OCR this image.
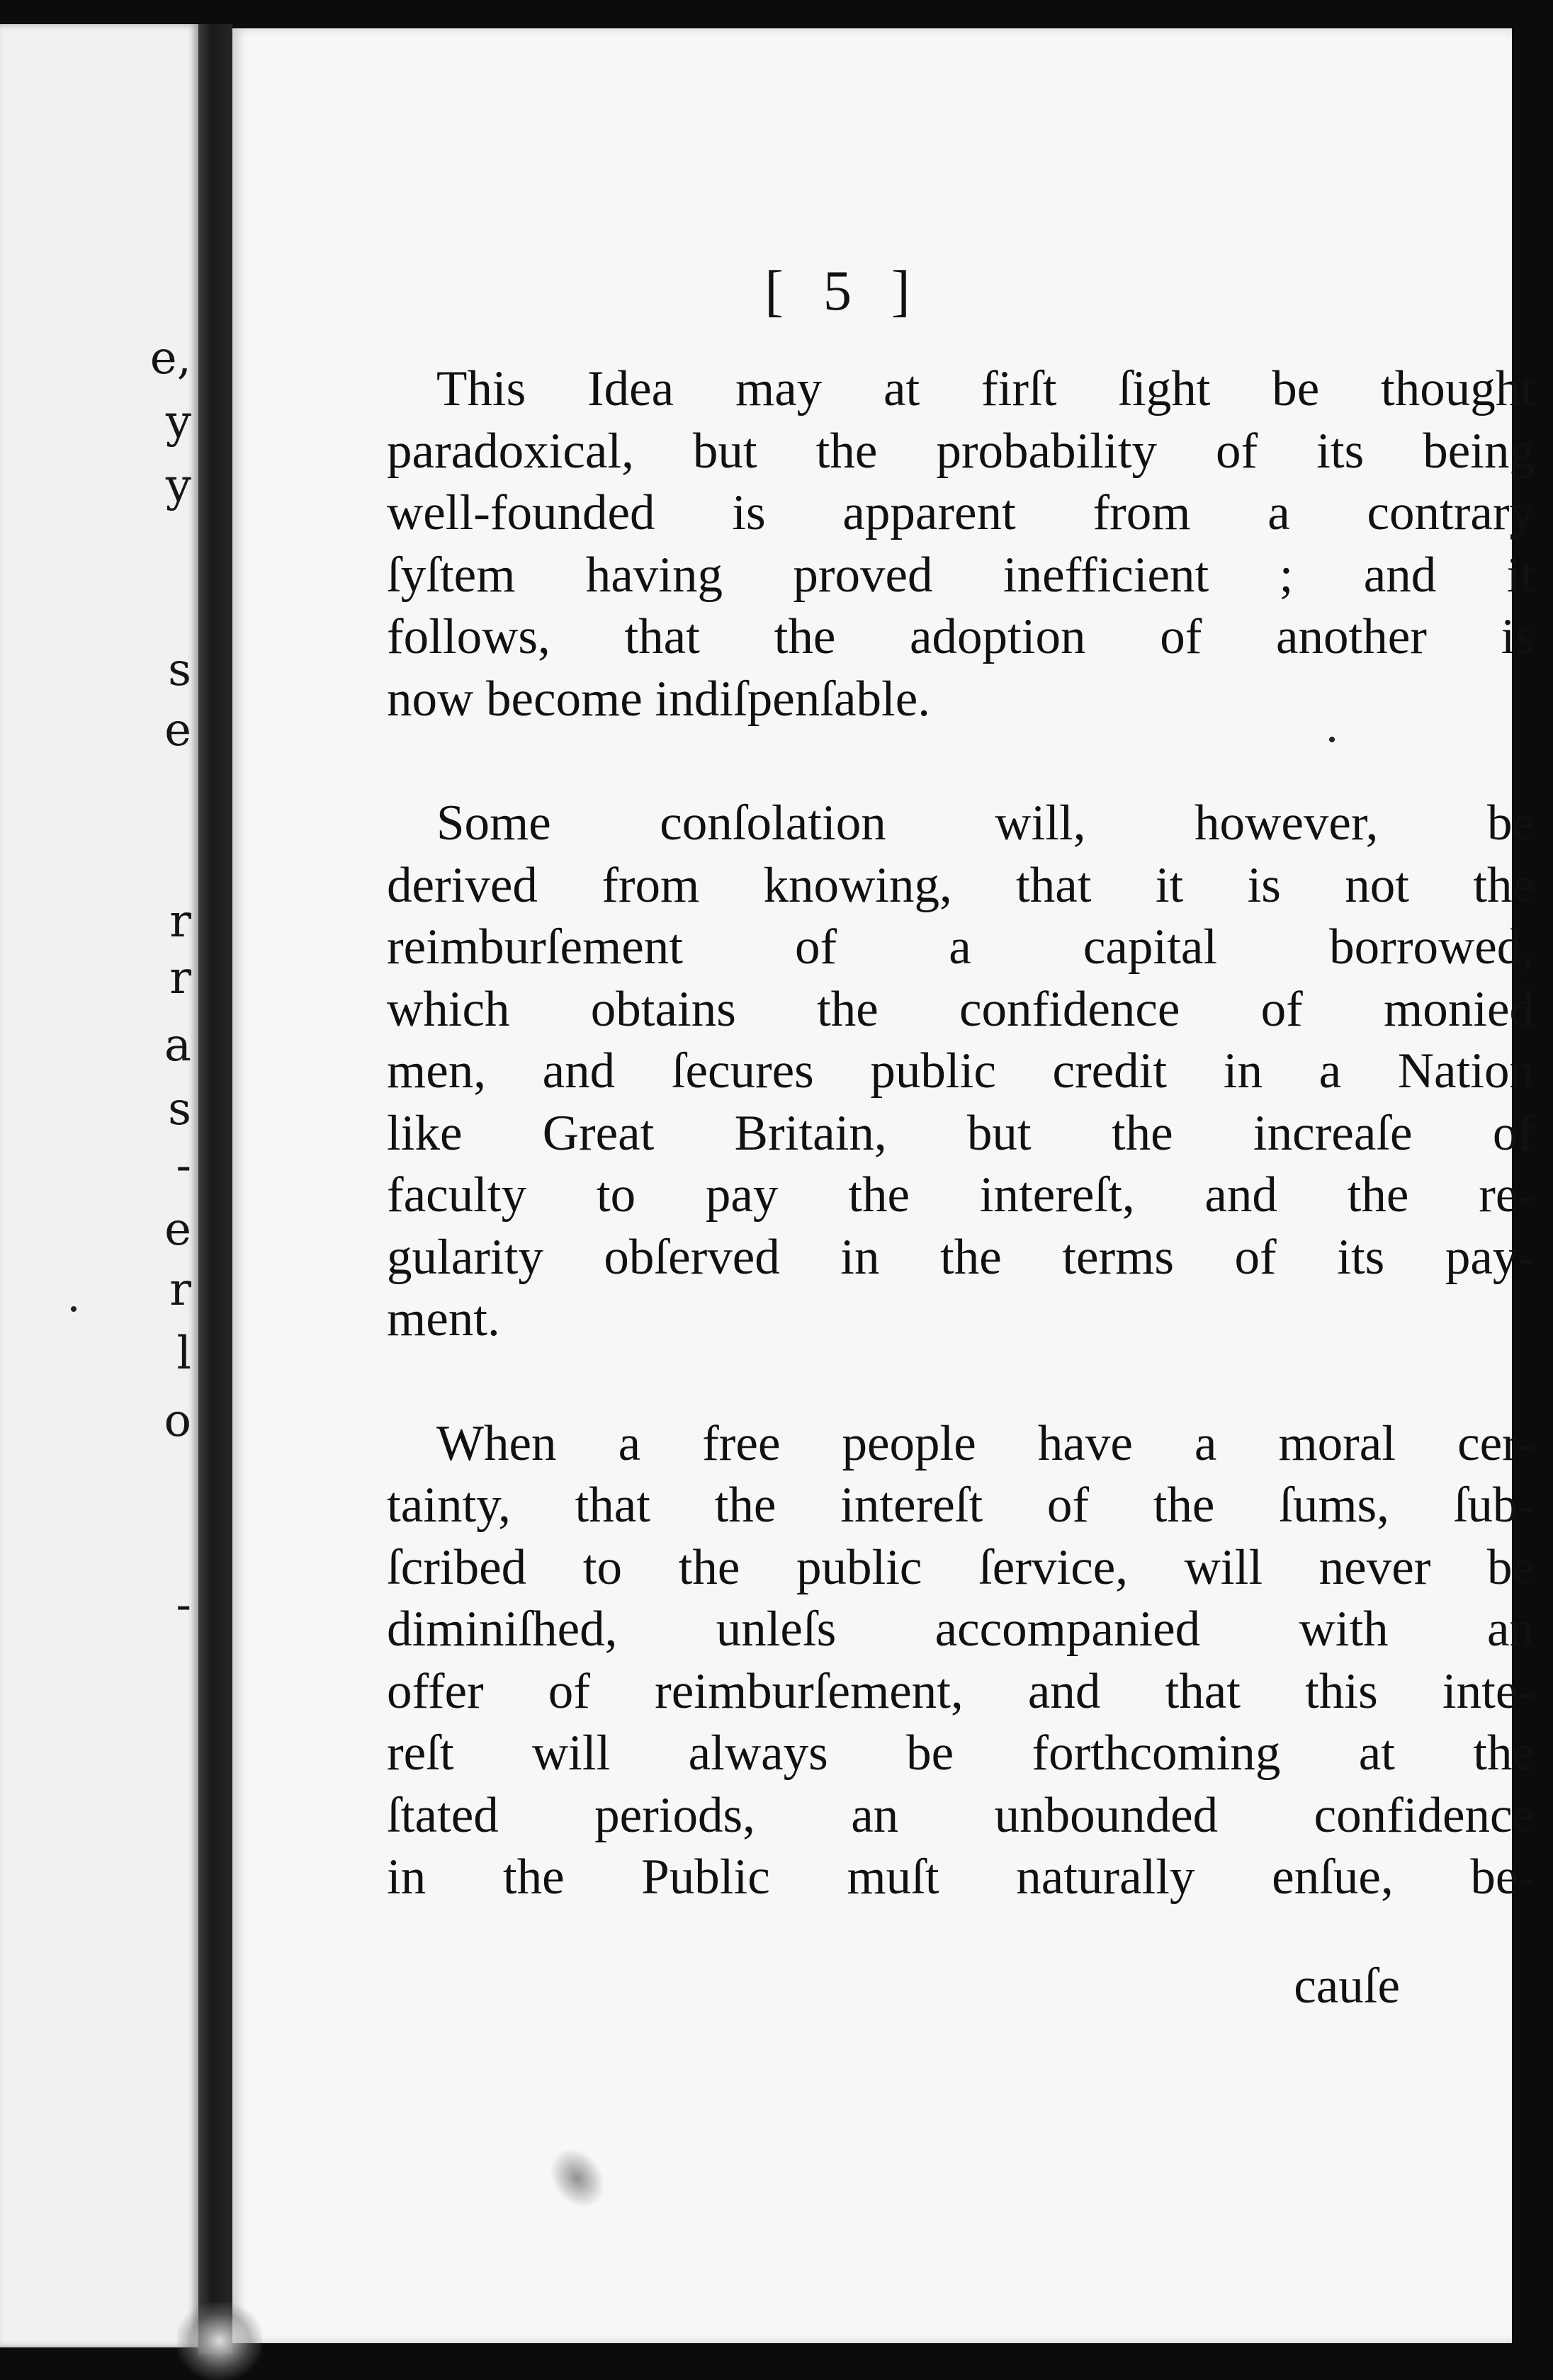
e,
y
y
s
e
r
r
a
s
-
e
r
l
o
-
[ 5 ]
This Idea may at firſt ſight be thought
paradoxical, but the probability of its being
well-founded is apparent from a contrary
ſyſtem having proved inefficient ; and it
follows, that the adoption of another is
now become indiſpenſable.
Some conſolation will, however, be
derived from knowing, that it is not the
reimburſement of a capital borrowed,
which obtains the confidence of monied
men, and ſecures public credit in a Nation
like Great Britain, but the increaſe of
faculty to pay the intereſt, and the re-
gularity obſerved in the terms of its pay-
ment.
When a free people have a moral cer-
tainty, that the intereſt of the ſums, ſub-
ſcribed to the public ſervice, will never be
diminiſhed, unleſs accompanied with an
offer of reimburſement, and that this inte-
reſt will always be forthcoming at the
ſtated periods, an unbounded confidence
in the Public muſt naturally enſue, be-
cauſe
